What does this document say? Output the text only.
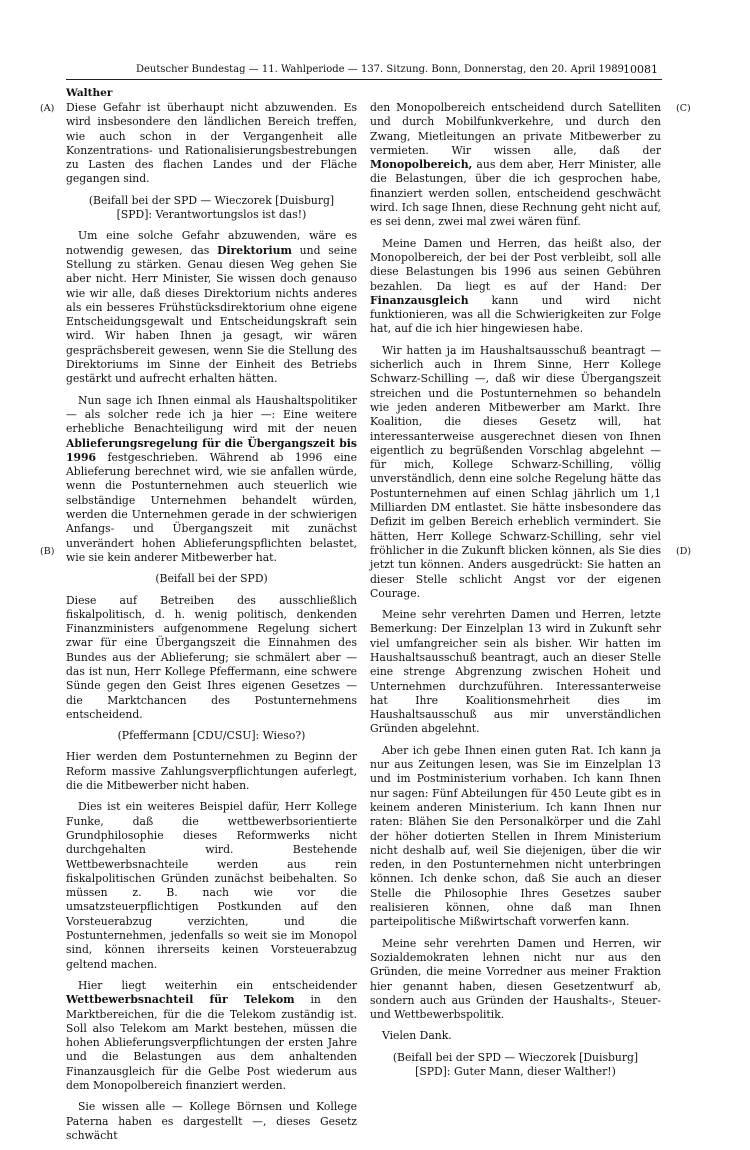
Deutscher Bundestag — 11. Wahlperiode — 137. Sitzung. Bonn, Donnerstag, den 20. April 1989 10081
Walther
(A)
(B)
(C)
(D)

Diese Gefahr ist überhaupt nicht abzuwenden. Es wird insbesondere den ländlichen Bereich treffen, wie auch schon in der Vergangenheit alle Konzentrations- und Rationalisierungsbestrebungen zu Lasten des flachen Landes und der Fläche gegangen sind.

(Beifall bei der SPD — Wieczorek [Duisburg]
[SPD]: Verantwortungslos ist das!)

Um eine solche Gefahr abzuwenden, wäre es notwendig gewesen, das Direktorium und seine Stellung zu stärken. Genau diesen Weg gehen Sie aber nicht. Herr Minister, Sie wissen doch genauso wie wir alle, daß dieses Direktorium nichts anderes als ein besseres Frühstücksdirektorium ohne eigene Entscheidungsgewalt und Entscheidungskraft sein wird. Wir haben Ihnen ja gesagt, wir wären gesprächsbereit gewesen, wenn Sie die Stellung des Direktoriums im Sinne der Einheit des Betriebs gestärkt und aufrecht erhalten hätten.

Nun sage ich Ihnen einmal als Haushaltspolitiker — als solcher rede ich ja hier —: Eine weitere erhebliche Benachteiligung wird mit der neuen Ablieferungsregelung für die Übergangszeit bis 1996 festgeschrieben. Während ab 1996 eine Ablieferung berechnet wird, wie sie anfallen würde, wenn die Postunternehmen auch steuerlich wie selbständige Unternehmen behandelt würden, werden die Unternehmen gerade in der schwierigen Anfangs- und Übergangszeit mit zunächst unverändert hohen Ablieferungspflichten belastet, wie sie kein anderer Mitbewerber hat.

(Beifall bei der SPD)

Diese auf Betreiben des ausschließlich fiskalpolitisch, d. h. wenig politisch, denkenden Finanzministers aufgenommene Regelung sichert zwar für eine Übergangszeit die Einnahmen des Bundes aus der Ablieferung; sie schmälert aber — das ist nun, Herr Kollege Pfeffermann, eine schwere Sünde gegen den Geist Ihres eigenen Gesetzes — die Marktchancen des Postunternehmens entscheidend.

(Pfeffermann [CDU/CSU]: Wieso?)

Hier werden dem Postunternehmen zu Beginn der Reform massive Zahlungsverpflichtungen auferlegt, die die Mitbewerber nicht haben.

Dies ist ein weiteres Beispiel dafür, Herr Kollege Funke, daß die wettbewerbsorientierte Grundphilosophie dieses Reformwerks nicht durchgehalten wird. Bestehende Wettbewerbsnachteile werden aus rein fiskalpolitischen Gründen zunächst beibehalten. So müssen z. B. nach wie vor die umsatzsteuerpflichtigen Postkunden auf den Vorsteuerabzug verzichten, und die Postunternehmen, jedenfalls so weit sie im Monopol sind, können ihrerseits keinen Vorsteuerabzug geltend machen.

Hier liegt weiterhin ein entscheidender Wettbewerbsnachteil für Telekom in den Marktbereichen, für die die Telekom zuständig ist. Soll also Telekom am Markt bestehen, müssen die hohen Ablieferungsverpflichtungen der ersten Jahre und die Belastungen aus dem anhaltenden Finanzausgleich für die Gelbe Post wiederum aus dem Monopolbereich finanziert werden.

Sie wissen alle — Kollege Börnsen und Kollege Paterna haben es dargestellt —, dieses Gesetz schwächt

den Monopolbereich entscheidend durch Satelliten und durch Mobilfunkverkehre, und durch den Zwang, Mietleitungen an private Mitbewerber zu vermieten. Wir wissen alle, daß der Monopolbereich, aus dem aber, Herr Minister, alle die Belastungen, über die ich gesprochen habe, finanziert werden sollen, entscheidend geschwächt wird. Ich sage Ihnen, diese Rechnung geht nicht auf, es sei denn, zwei mal zwei wären fünf.

Meine Damen und Herren, das heißt also, der Monopolbereich, der bei der Post verbleibt, soll alle diese Belastungen bis 1996 aus seinen Gebühren bezahlen. Da liegt es auf der Hand: Der Finanzausgleich kann und wird nicht funktionieren, was all die Schwierigkeiten zur Folge hat, auf die ich hier hingewiesen habe.

Wir hatten ja im Haushaltsausschuß beantragt — sicherlich auch in Ihrem Sinne, Herr Kollege Schwarz-Schilling —, daß wir diese Übergangszeit streichen und die Postunternehmen so behandeln wie jeden anderen Mitbewerber am Markt. Ihre Koalition, die dieses Gesetz will, hat interessanterweise ausgerechnet diesen von Ihnen eigentlich zu begrüßenden Vorschlag abgelehnt — für mich, Kollege Schwarz-Schilling, völlig unverständlich, denn eine solche Regelung hätte das Postunternehmen auf einen Schlag jährlich um 1,1 Milliarden DM entlastet. Sie hätte insbesondere das Defizit im gelben Bereich erheblich vermindert. Sie hätten, Herr Kollege Schwarz-Schilling, sehr viel fröhlicher in die Zukunft blicken können, als Sie dies jetzt tun können. Anders ausgedrückt: Sie hatten an dieser Stelle schlicht Angst vor der eigenen Courage.

Meine sehr verehrten Damen und Herren, letzte Bemerkung: Der Einzelplan 13 wird in Zukunft sehr viel umfangreicher sein als bisher. Wir hatten im Haushaltsausschuß beantragt, auch an dieser Stelle eine strenge Abgrenzung zwischen Hoheit und Unternehmen durchzuführen. Interessanterweise hat Ihre Koalitionsmehrheit dies im Haushaltsausschuß aus mir unverständlichen Gründen abgelehnt.

Aber ich gebe Ihnen einen guten Rat. Ich kann ja nur aus Zeitungen lesen, was Sie im Einzelplan 13 und im Postministerium vorhaben. Ich kann Ihnen nur sagen: Fünf Abteilungen für 450 Leute gibt es in keinem anderen Ministerium. Ich kann Ihnen nur raten: Blähen Sie den Personalkörper und die Zahl der höher dotierten Stellen in Ihrem Ministerium nicht deshalb auf, weil Sie diejenigen, über die wir reden, in den Postunternehmen nicht unterbringen können. Ich denke schon, daß Sie auch an dieser Stelle die Philosophie Ihres Gesetzes sauber realisieren können, ohne daß man Ihnen parteipolitische Mißwirtschaft vorwerfen kann.

Meine sehr verehrten Damen und Herren, wir Sozialdemokraten lehnen nicht nur aus den Gründen, die meine Vorredner aus meiner Fraktion hier genannt haben, diesen Gesetzentwurf ab, sondern auch aus Gründen der Haushalts-, Steuer- und Wettbewerbspolitik.

Vielen Dank.

(Beifall bei der SPD — Wieczorek [Duisburg]
[SPD]: Guter Mann, dieser Walther!)
